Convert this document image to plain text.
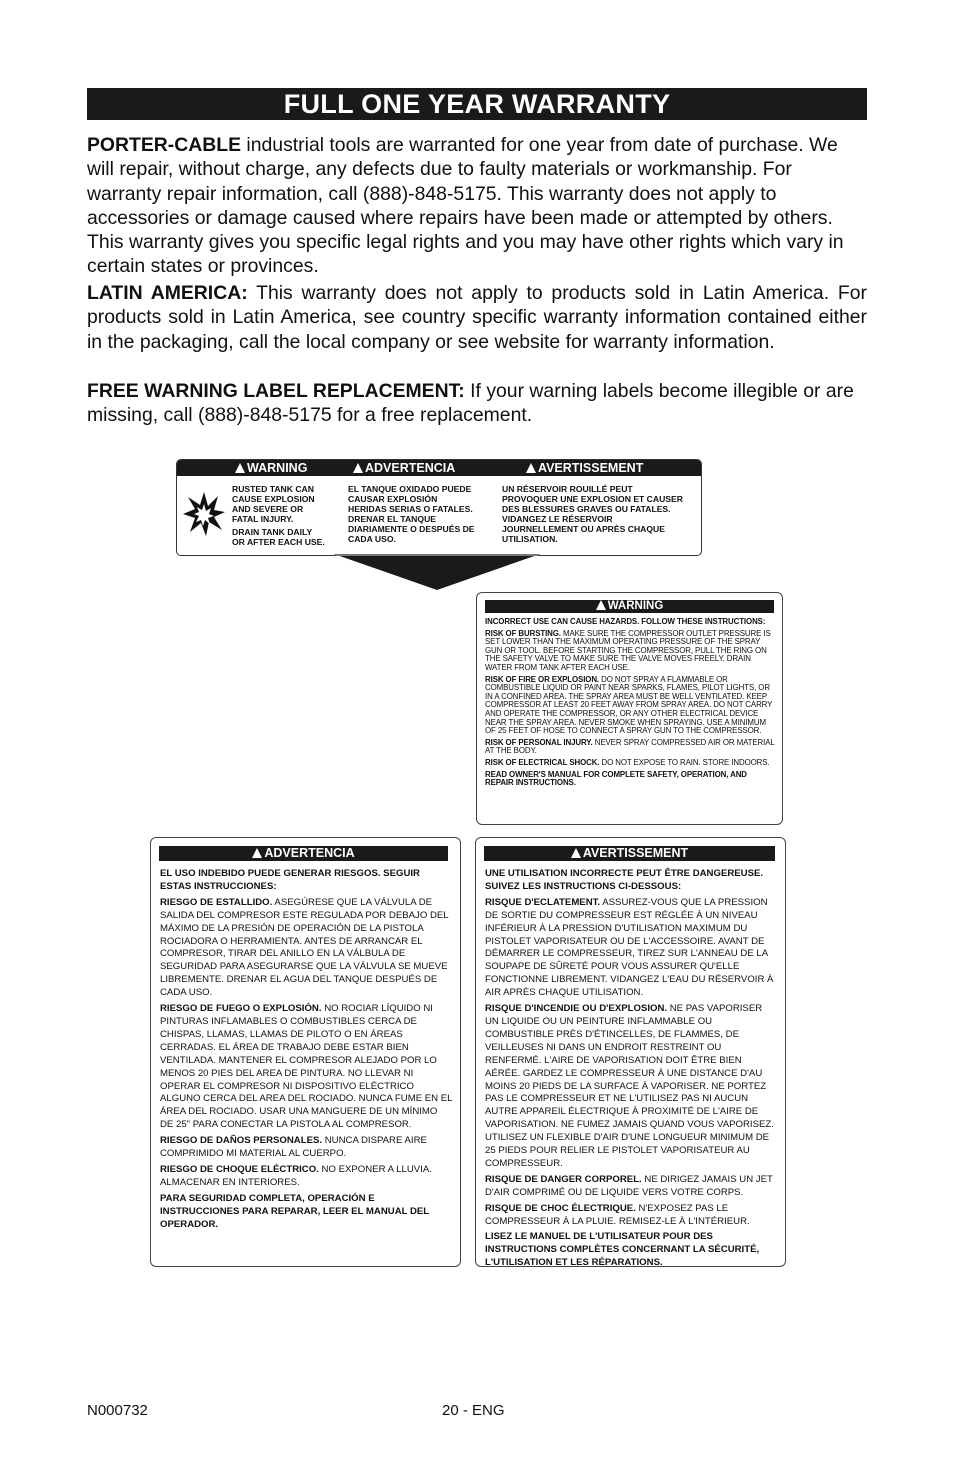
FULL ONE YEAR WARRANTY

PORTER-CABLE industrial tools are warranted for one year from date of purchase. We will repair, without charge, any defects due to faulty materials or workmanship. For warranty repair information, call (888)-848-5175. This warranty does not apply to accessories or damage caused where repairs have been made or attempted by others. This warranty gives you specific legal rights and you may have other rights which vary in certain states or provinces.

LATIN AMERICA: This warranty does not apply to products sold in Latin America. For products sold in Latin America, see country specific warranty information contained either in the packaging, call the local company or see website for warranty information.

FREE WARNING LABEL REPLACEMENT: If your warning labels become illegible or are missing, call (888)-848-5175 for a free replacement.

WARNING	ADVERTENCIA	AVERTISSEMENT
RUSTED TANK CAN
CAUSE EXPLOSION
AND SEVERE OR
FATAL INJURY.
DRAIN TANK DAILY
OR AFTER EACH USE.
EL TANQUE OXIDADO PUEDE
CAUSAR EXPLOSIÓN
HERIDAS SERIAS O FATALES.
DRENAR EL TANQUE
DIARIAMENTE O DESPUÉS DE
CADA USO.
UN RÉSERVOIR ROUILLÉ PEUT
PROVOQUER UNE EXPLOSION ET CAUSER
DES BLESSURES GRAVES OU FATALES.
VIDANGEZ LE RÉSERVOIR
JOURNELLEMENT OU APRÈS CHAQUE
UTILISATION.
WARNING

INCORRECT USE CAN CAUSE HAZARDS. FOLLOW THESE INSTRUCTIONS:

RISK OF BURSTING. MAKE SURE THE COMPRESSOR OUTLET PRESSURE IS SET LOWER THAN THE MAXIMUM OPERATING PRESSURE OF THE SPRAY GUN OR TOOL. BEFORE STARTING THE COMPRESSOR, PULL THE RING ON THE SAFETY VALVE TO MAKE SURE THE VALVE MOVES FREELY. DRAIN WATER FROM TANK AFTER EACH USE.

RISK OF FIRE OR EXPLOSION. DO NOT SPRAY A FLAMMABLE OR COMBUSTIBLE LIQUID OR PAINT NEAR SPARKS, FLAMES, PILOT LIGHTS, OR IN A CONFINED AREA. THE SPRAY AREA MUST BE WELL VENTILATED. KEEP COMPRESSOR AT LEAST 20 FEET AWAY FROM SPRAY AREA. DO NOT CARRY AND OPERATE THE COMPRESSOR, OR ANY OTHER ELECTRICAL DEVICE NEAR THE SPRAY AREA. NEVER SMOKE WHEN SPRAYING. USE A MINIMUM OF 25 FEET OF HOSE TO CONNECT A SPRAY GUN TO THE COMPRESSOR.

RISK OF PERSONAL INJURY. NEVER SPRAY COMPRESSED AIR OR MATERIAL AT THE BODY.

RISK OF ELECTRICAL SHOCK. DO NOT EXPOSE TO RAIN. STORE INDOORS.

READ OWNER'S MANUAL FOR COMPLETE SAFETY, OPERATION, AND REPAIR INSTRUCTIONS.

ADVERTENCIA

EL USO INDEBIDO PUEDE GENERAR RIESGOS. SEGUIR ESTAS INSTRUCCIONES:

RIESGO DE ESTALLIDO. ASEGÚRESE QUE LA VÁLVULA DE SALIDA DEL COMPRESOR ESTE REGULADA POR DEBAJO DEL MÁXIMO DE LA PRESIÓN DE OPERACIÓN DE LA PISTOLA ROCIADORA O HERRAMIENTA. ANTES DE ARRANCAR EL COMPRESOR, TIRAR DEL ANILLO EN LA VÁLBULA DE SEGURIDAD PARA ASEGURARSE QUE LA VÁLVULA SE MUEVE LIBREMENTE. DRENAR EL AGUA DEL TANQUE DESPUÉS DE CADA USO.

RIESGO DE FUEGO O EXPLOSIÓN. NO ROCIAR LÍQUIDO NI PINTURAS INFLAMABLES O COMBUSTIBLES CERCA DE CHISPAS, LLAMAS, LLAMAS DE PILOTO O EN ÁREAS CERRADAS. EL ÁREA DE TRABAJO DEBE ESTAR BIEN VENTILADA. MANTENER EL COMPRESOR ALEJADO POR LO MENOS 20 PIES DEL AREA DE PINTURA. NO LLEVAR NI OPERAR EL COMPRESOR NI DISPOSITIVO ELÉCTRICO ALGUNO CERCA DEL AREA DEL ROCIADO. NUNCA FUME EN EL ÁREA DEL ROCIADO. USAR UNA MANGUERE DE UN MÍNIMO DE 25" PARA CONECTAR LA PISTOLA AL COMPRESOR.

RIESGO DE DAÑOS PERSONALES. NUNCA DISPARE AIRE COMPRIMIDO MI MATERIAL AL CUERPO.

RIESGO DE CHOQUE ELÉCTRICO. NO EXPONER A LLUVIA. ALMACENAR EN INTERIORES.

PARA SEGURIDAD COMPLETA, OPERACIÓN E INSTRUCCIONES PARA REPARAR, LEER EL MANUAL DEL OPERADOR.

AVERTISSEMENT

UNE UTILISATION INCORRECTE PEUT ÊTRE DANGEREUSE. SUIVEZ LES INSTRUCTIONS CI-DESSOUS:

RISQUE D'ECLATEMENT. ASSUREZ-VOUS QUE LA PRESSION DE SORTIE DU COMPRESSEUR EST RÉGLÉE À UN NIVEAU INFÉRIEUR À LA PRESSION D'UTILISATION MAXIMUM DU PISTOLET VAPORISATEUR OU DE L'ACCESSOIRE. AVANT DE DÉMARRER LE COMPRESSEUR, TIREZ SUR L'ANNEAU DE LA SOUPAPE DE SÛRETÉ POUR VOUS ASSURER QU'ELLE FONCTIONNE LIBREMENT. VIDANGEZ L'EAU DU RÉSERVOIR À AIR APRÈS CHAQUE UTILISATION.

RISQUE D'INCENDIE OU D'EXPLOSION. NE PAS VAPORISER UN LIQUIDE OU UN PEINTURE INFLAMMABLE OU COMBUSTIBLE PRÈS D'ÉTINCELLES, DE FLAMMES, DE VEILLEUSES NI DANS UN ENDROIT RESTREINT OU RENFERMÉ. L'AIRE DE VAPORISATION DOIT ÊTRE BIEN AÉRÉE. GARDEZ LE COMPRESSEUR À UNE DISTANCE D'AU MOINS 20 PIEDS DE LA SURFACE À VAPORISER. NE PORTEZ PAS LE COMPRESSEUR ET NE L'UTILISEZ PAS NI AUCUN AUTRE APPAREIL ÉLECTRIQUE À PROXIMITÉ DE L'AIRE DE VAPORISATION. NE FUMEZ JAMAIS QUAND VOUS VAPORISEZ. UTILISEZ UN FLEXIBLE D'AIR D'UNE LONGUEUR MINIMUM DE 25 PIEDS POUR RELIER LE PISTOLET VAPORISATEUR AU COMPRESSEUR.

RISQUE DE DANGER CORPOREL. NE DIRIGEZ JAMAIS UN JET D'AIR COMPRIMÉ OU DE LIQUIDE VERS VOTRE CORPS.

RISQUE DE CHOC ÉLECTRIQUE. N'EXPOSEZ PAS LE COMPRESSEUR À LA PLUIE. REMISEZ-LE À L'INTÉRIEUR.

LISEZ LE MANUEL DE L'UTILISATEUR POUR DES INSTRUCTIONS COMPLÈTES CONCERNANT LA SÉCURITÉ, L'UTILISATION ET LES RÉPARATIONS.

N000732	20 - ENG
